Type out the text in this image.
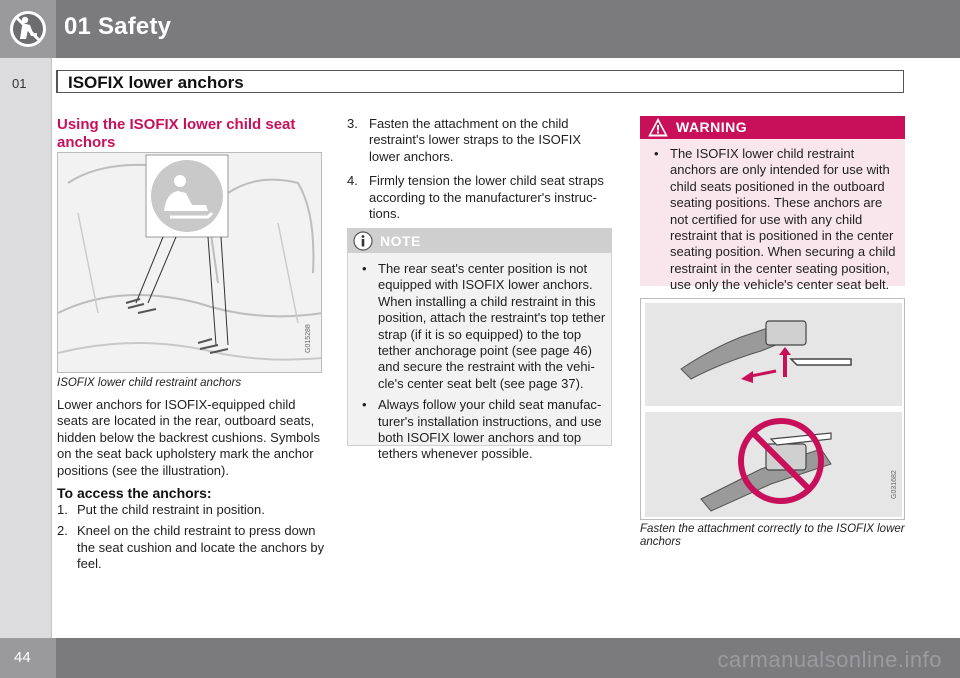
01 Safety
01 ISOFIX lower anchors
Using the ISOFIX lower child seat anchors
G015288
ISOFIX lower child restraint anchors
Lower anchors for ISOFIX-equipped child seats are located in the rear, outboard seats, hidden below the backrest cushions. Symbols on the seat back upholstery mark the anchor positions (see the illustration).
To access the anchors:
1. Put the child restraint in position.
2. Kneel on the child restraint to press down the seat cushion and locate the anchors by feel.
3. Fasten the attachment on the child restraint's lower straps to the ISOFIX lower anchors.
4. Firmly tension the lower child seat straps according to the manufacturer's instructions.
NOTE
• The rear seat's center position is not equipped with ISOFIX lower anchors. When installing a child restraint in this position, attach the restraint's top tether strap (if it is so equipped) to the top tether anchorage point (see page 46) and secure the restraint with the vehicle's center seat belt (see page 37).
• Always follow your child seat manufacturer's installation instructions, and use both ISOFIX lower anchors and top tethers whenever possible.
WARNING
• The ISOFIX lower child restraint anchors are only intended for use with child seats positioned in the outboard seating positions. These anchors are not certified for use with any child restraint that is positioned in the center seating position. When securing a child restraint in the center seating position, use only the vehicle's center seat belt.
G031682
Fasten the attachment correctly to the ISOFIX lower anchors
44	carmanualsonline.info
